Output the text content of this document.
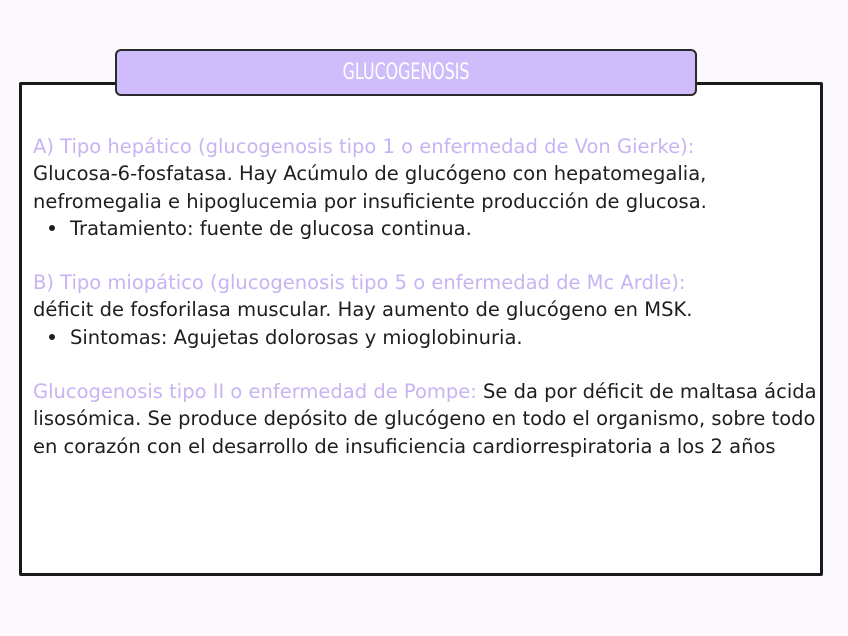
GLUCOGENOSIS

A) Tipo hepático (glucogenosis tipo 1 o enfermedad de Von Gierke):
Glucosa-6-fosfatasa. Hay Acúmulo de glucógeno con hepatomegalia, nefromegalia e hipoglucemia por insuficiente producción de glucosa.

Tratamiento: fuente de glucosa continua.

B) Tipo miopático (glucogenosis tipo 5 o enfermedad de Mc Ardle):
déficit de fosforilasa muscular. Hay aumento de glucógeno en MSK.

Sintomas: Agujetas dolorosas y mioglobinuria.

Glucogenosis tipo II o enfermedad de Pompe: Se da por déficit de maltasa ácida lisosómica. Se produce depósito de glucógeno en todo el organismo, sobre todo en corazón con el desarrollo de insuficiencia cardiorrespiratoria a los 2 años
